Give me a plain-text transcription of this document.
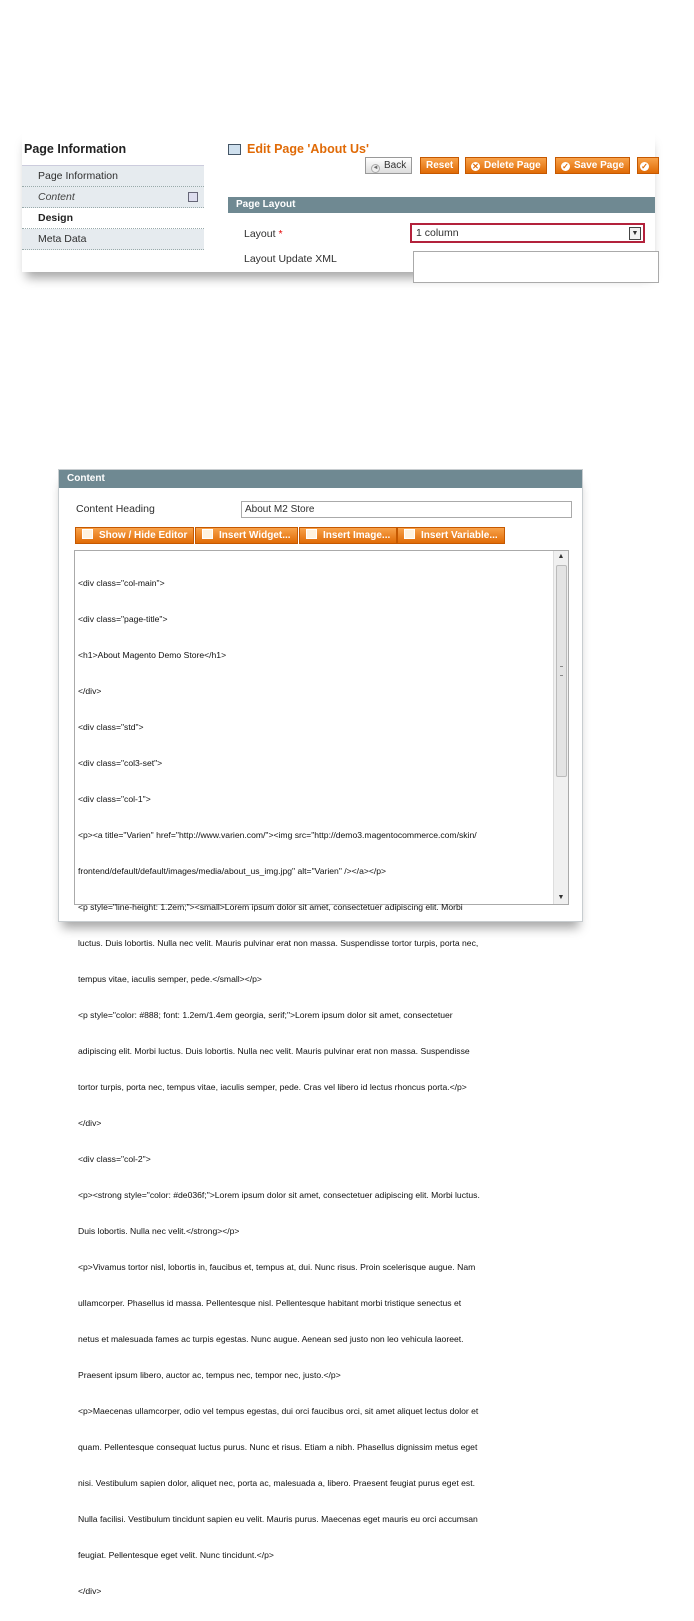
Page Information
Page Information
Content
Design
Meta Data
Edit Page 'About Us'
◄ Back	Reset	✕ Delete Page	✓ Save Page	✓
Page Layout
Layout *	1 column	▼
Layout Update XML
Content
Content Heading	About M2 Store
Show / Hide Editor	Insert Widget...	Insert Image...	Insert Variable...

<div class="col-main">

<div class="page-title">

<h1>About Magento Demo Store</h1>

</div>

<div class="std">

<div class="col3-set">

<div class="col-1">

<p><a title="Varien" href="http://www.varien.com/"><img src="http://demo3.magentocommerce.com/skin/

frontend/default/default/images/media/about_us_img.jpg" alt="Varien" /></a></p>

<p style="line-height: 1.2em;"><small>Lorem ipsum dolor sit amet, consectetuer adipiscing elit. Morbi

luctus. Duis lobortis. Nulla nec velit. Mauris pulvinar erat non massa. Suspendisse tortor turpis, porta nec,

tempus vitae, iaculis semper, pede.</small></p>

<p style="color: #888; font: 1.2em/1.4em georgia, serif;">Lorem ipsum dolor sit amet, consectetuer

adipiscing elit. Morbi luctus. Duis lobortis. Nulla nec velit. Mauris pulvinar erat non massa. Suspendisse

tortor turpis, porta nec, tempus vitae, iaculis semper, pede. Cras vel libero id lectus rhoncus porta.</p>

</div>

<div class="col-2">

<p><strong style="color: #de036f;">Lorem ipsum dolor sit amet, consectetuer adipiscing elit. Morbi luctus.

Duis lobortis. Nulla nec velit.</strong></p>

<p>Vivamus tortor nisl, lobortis in, faucibus et, tempus at, dui. Nunc risus. Proin scelerisque augue. Nam

ullamcorper. Phasellus id massa. Pellentesque nisl. Pellentesque habitant morbi tristique senectus et

netus et malesuada fames ac turpis egestas. Nunc augue. Aenean sed justo non leo vehicula laoreet.

Praesent ipsum libero, auctor ac, tempus nec, tempor nec, justo.</p>

<p>Maecenas ullamcorper, odio vel tempus egestas, dui orci faucibus orci, sit amet aliquet lectus dolor et

quam. Pellentesque consequat luctus purus. Nunc et risus. Etiam a nibh. Phasellus dignissim metus eget

nisi. Vestibulum sapien dolor, aliquet nec, porta ac, malesuada a, libero. Praesent feugiat purus eget est.

Nulla facilisi. Vestibulum tincidunt sapien eu velit. Mauris purus. Maecenas eget mauris eu orci accumsan

feugiat. Pellentesque eget velit. Nunc tincidunt.</p>

</div>

▲
▼
